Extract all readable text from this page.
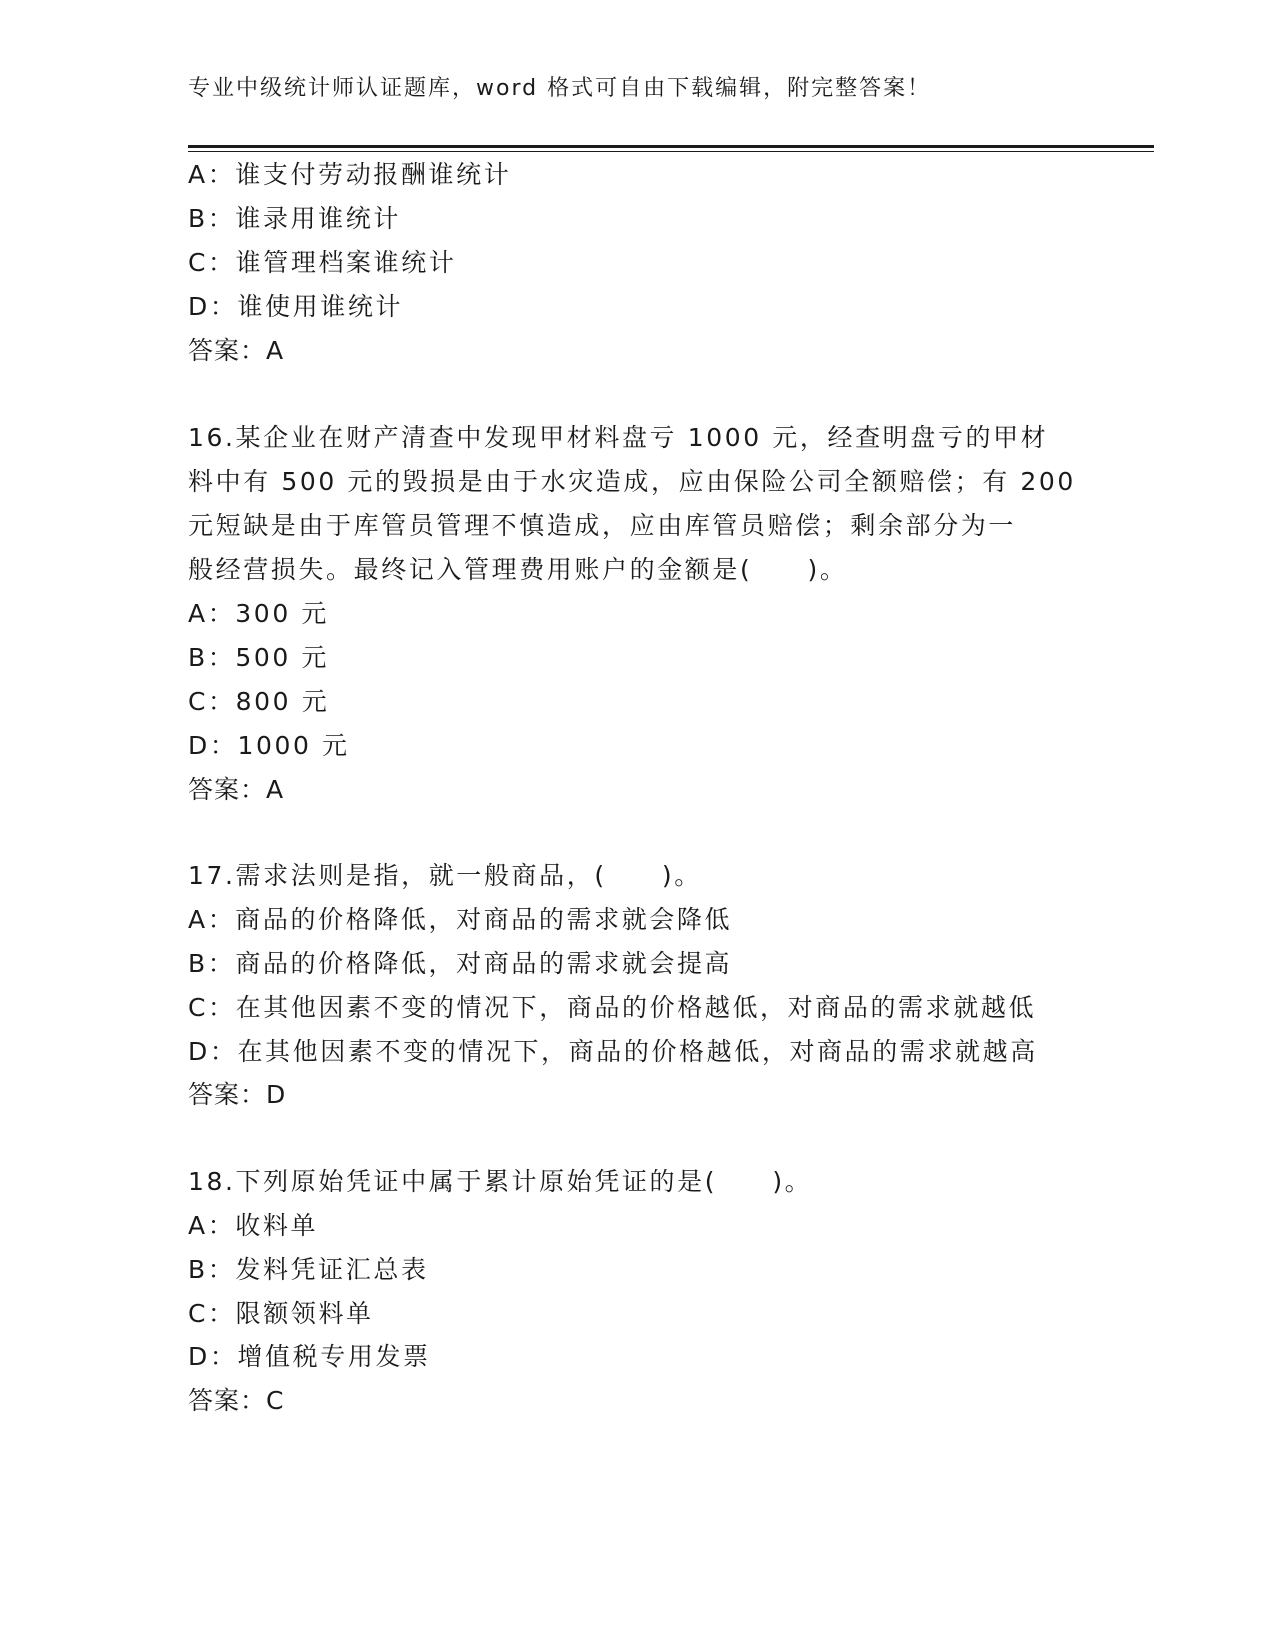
专业中级统计师认证题库，word 格式可自由下载编辑，附完整答案！
A：谁支付劳动报酬谁统计
B：谁录用谁统计
C：谁管理档案谁统计
D：谁使用谁统计
答案：A
16.某企业在财产清查中发现甲材料盘亏 1000 元，经查明盘亏的甲材
料中有 500 元的毁损是由于水灾造成，应由保险公司全额赔偿；有 200
元短缺是由于库管员管理不慎造成，应由库管员赔偿；剩余部分为一
般经营损失。最终记入管理费用账户的金额是(　　)。
A：300 元
B：500 元
C：800 元
D：1000 元
答案：A
17.需求法则是指，就一般商品，(　　)。
A：商品的价格降低，对商品的需求就会降低
B：商品的价格降低，对商品的需求就会提高
C：在其他因素不变的情况下，商品的价格越低，对商品的需求就越低
D：在其他因素不变的情况下，商品的价格越低，对商品的需求就越高
答案：D
18.下列原始凭证中属于累计原始凭证的是(　　)。
A：收料单
B：发料凭证汇总表
C：限额领料单
D：增值税专用发票
答案：C
